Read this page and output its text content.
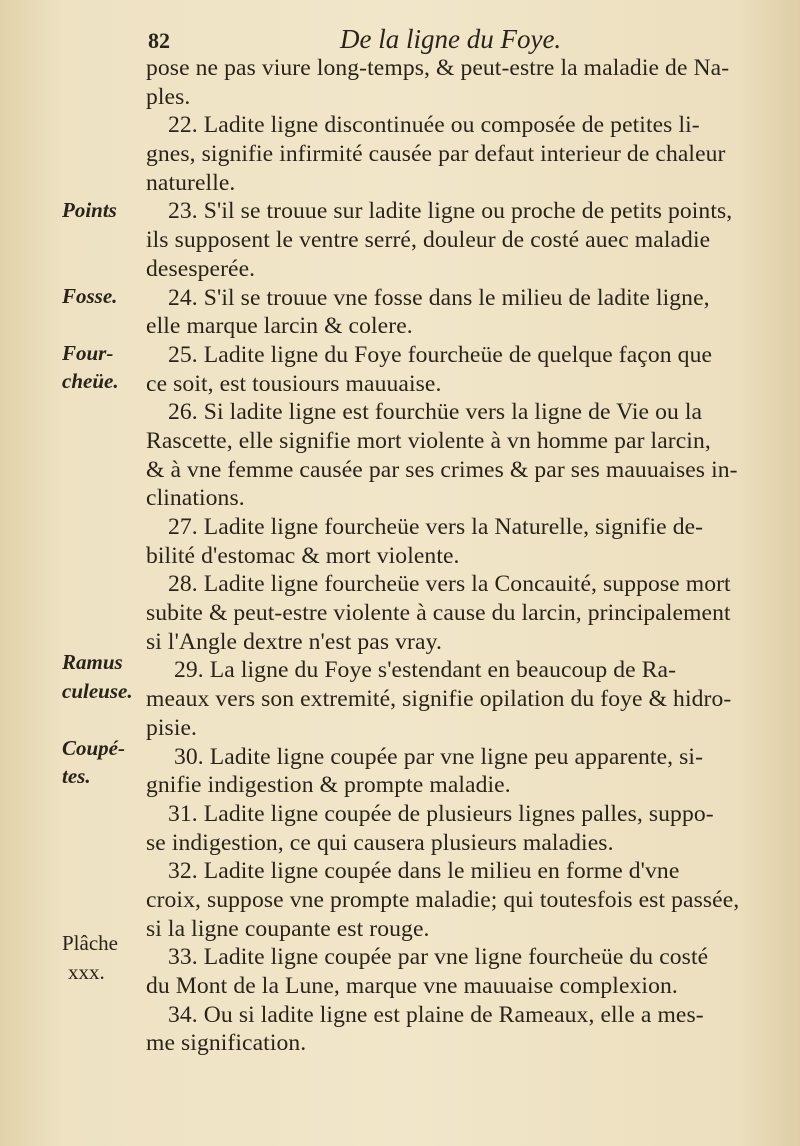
82	De la ligne du Foye.
pose ne pas viure long-temps, & peut-estre la maladie de Na-
ples.
22. Ladite ligne discontinuée ou composée de petites li-
gnes, signifie infirmité causée par defaut interieur de chaleur
naturelle.
23. S'il se trouue sur ladite ligne ou proche de petits points,
ils supposent le ventre serré, douleur de costé auec maladie
desesperée.
24. S'il se trouue vne fosse dans le milieu de ladite ligne,
elle marque larcin & colere.
25. Ladite ligne du Foye fourcheüe de quelque façon que
ce soit, est tousiours mauuaise.
26. Si ladite ligne est fourchüe vers la ligne de Vie ou la
Rascette, elle signifie mort violente à vn homme par larcin,
& à vne femme causée par ses crimes & par ses mauuaises in-
clinations.
27. Ladite ligne fourcheüe vers la Naturelle, signifie de-
bilité d'estomac & mort violente.
28. Ladite ligne fourcheüe vers la Concauité, suppose mort
subite & peut-estre violente à cause du larcin, principalement
si l'Angle dextre n'est pas vray.
29. La ligne du Foye s'estendant en beaucoup de Ra-
meaux vers son extremité, signifie opilation du foye & hidro-
pisie.
30. Ladite ligne coupée par vne ligne peu apparente, si-
gnifie indigestion & prompte maladie.
31. Ladite ligne coupée de plusieurs lignes palles, suppo-
se indigestion, ce qui causera plusieurs maladies.
32. Ladite ligne coupée dans le milieu en forme d'vne
croix, suppose vne prompte maladie; qui toutesfois est passée,
si la ligne coupante est rouge.
33. Ladite ligne coupée par vne ligne fourcheüe du costé
du Mont de la Lune, marque vne mauuaise complexion.
34. Ou si ladite ligne est plaine de Rameaux, elle a mes-
me signification.
Points
Fosse.
Four-
cheüe.
Ramus
culeuse.
Coupé-
tes.
Plâche
xxx.
